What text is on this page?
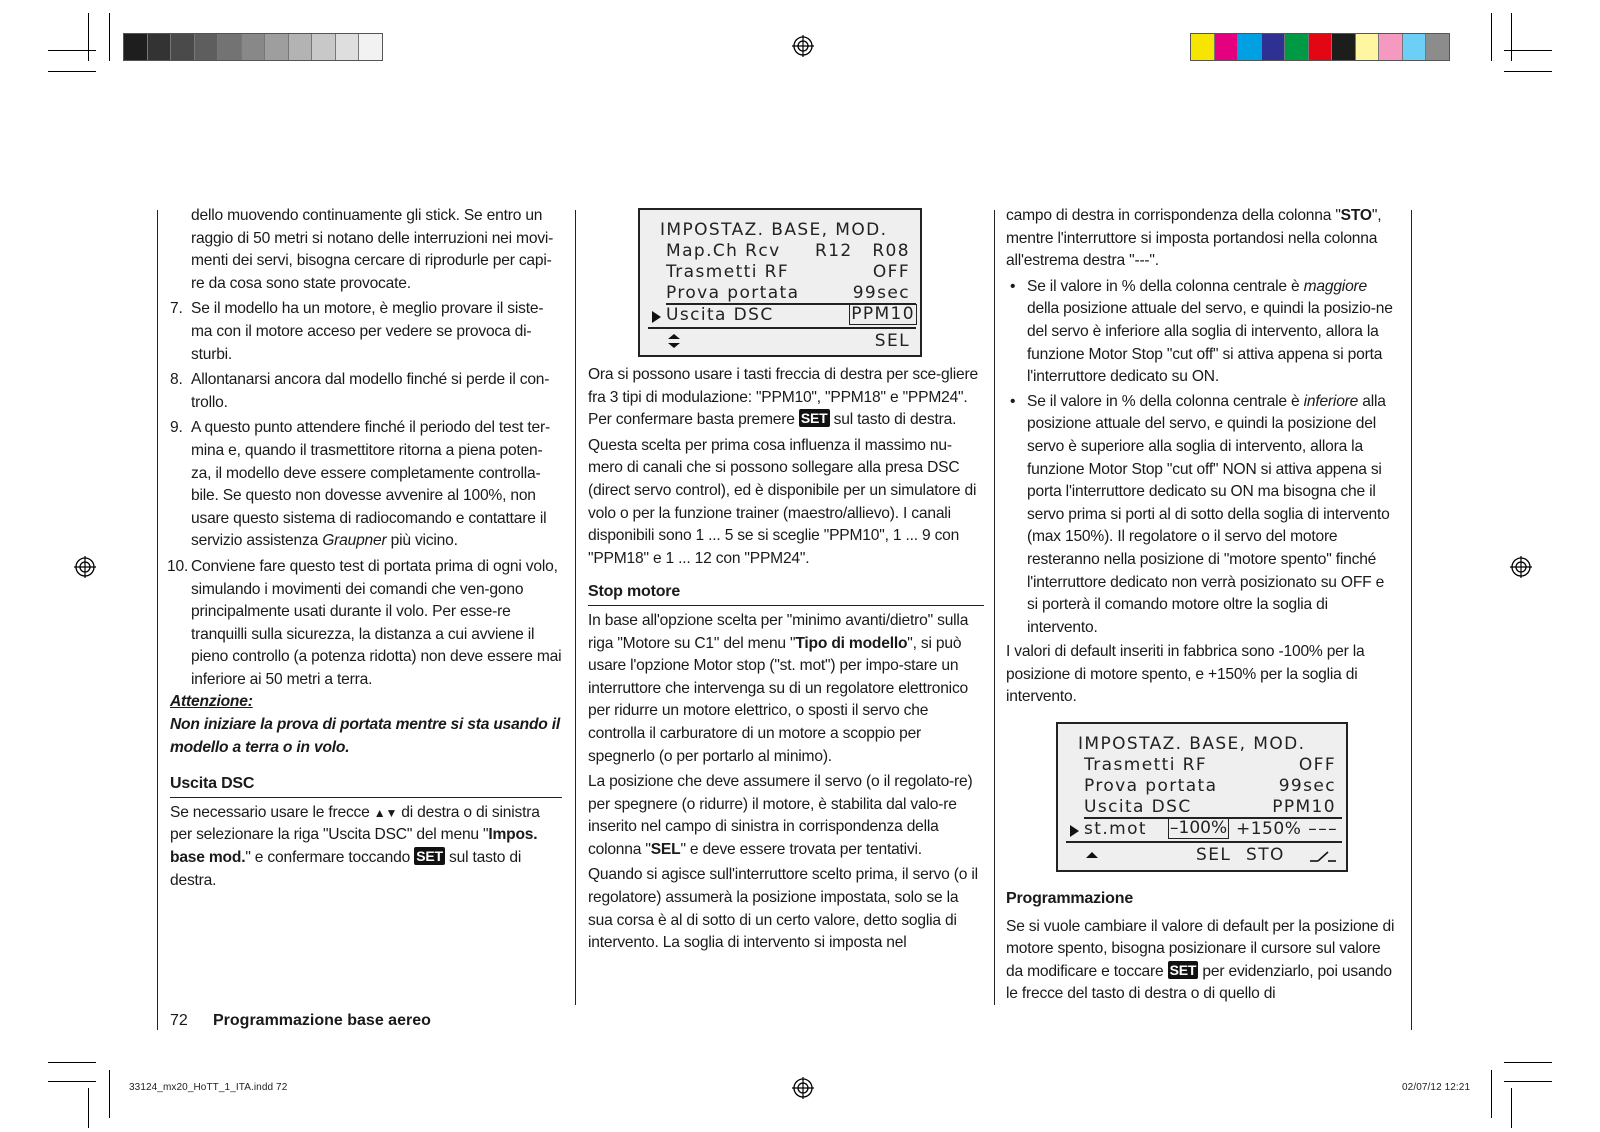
dello muovendo continuamente gli stick. Se entro un raggio di 50 metri si notano delle interruzioni nei movi-menti dei servi, bisogna cercare di riprodurle per capi-re da cosa sono state provocate.

7. Se il modello ha un motore, è meglio provare il siste-ma con il motore acceso per vedere se provoca di-sturbi.
8. Allontanarsi ancora dal modello finché si perde il con-trollo.
9. A questo punto attendere finché il periodo del test ter-mina e, quando il trasmettitore ritorna a piena poten-za, il modello deve essere completamente controlla-bile. Se questo non dovesse avvenire al 100%, non usare questo sistema di radiocomando e contattare il servizio assistenza Graupner più vicino.
10. Conviene fare questo test di portata prima di ogni volo, simulando i movimenti dei comandi che ven-gono principalmente usati durante il volo. Per esse-re tranquilli sulla sicurezza, la distanza a cui avviene il pieno controllo (a potenza ridotta) non deve essere mai inferiore ai 50 metri a terra.

Attenzione:

Non iniziare la prova di portata mentre si sta usando il modello a terra o in volo.

Uscita DSC

Se necessario usare le frecce ▲▼ di destra o di sinistra per selezionare la riga "Uscita DSC" del menu "Impos. base mod." e confermare toccando SET sul tasto di destra.

IMPOSTAZ. BASE, MOD.
Map.Ch Rcv R12 R08
Trasmetti RF	OFF
Prova portata	99sec
Uscita DSC	PPM10
SEL

Ora si possono usare i tasti freccia di destra per sce-gliere fra 3 tipi di modulazione: "PPM10", "PPM18" e "PPM24". Per confermare basta premere SET sul tasto di destra.

Questa scelta per prima cosa influenza il massimo nu-mero di canali che si possono sollegare alla presa DSC (direct servo control), ed è disponibile per un simulatore di volo o per la funzione trainer (maestro/allievo). I canali disponibili sono 1 ... 5 se si sceglie "PPM10", 1 ... 9 con "PPM18" e 1 ... 12 con "PPM24".

Stop motore

In base all'opzione scelta per "minimo avanti/dietro" sulla riga "Motore su C1" del menu "Tipo di modello", si può usare l'opzione Motor stop ("st. mot") per impo-stare un interruttore che intervenga su di un regolatore elettronico per ridurre un motore elettrico, o sposti il servo che controlla il carburatore di un motore a scoppio per spegnerlo (o per portarlo al minimo).

La posizione che deve assumere il servo (o il regolato-re) per spegnere (o ridurre) il motore, è stabilita dal valo-re inserito nel campo di sinistra in corrispondenza della colonna "SEL" e deve essere trovata per tentativi.

Quando si agisce sull'interruttore scelto prima, il servo (o il regolatore) assumerà la posizione impostata, solo se la sua corsa è al di sotto di un certo valore, detto soglia di intervento. La soglia di intervento si imposta nel

campo di destra in corrispondenza della colonna "STO", mentre l'interruttore si imposta portandosi nella colonna all'estrema destra "---".

• Se il valore in % della colonna centrale è maggiore della posizione attuale del servo, e quindi la posizio-ne del servo è inferiore alla soglia di intervento, allora la funzione Motor Stop "cut off" si attiva appena si porta l'interruttore dedicato su ON.
• Se il valore in % della colonna centrale è inferiore alla posizione attuale del servo, e quindi la posizione del servo è superiore alla soglia di intervento, allora la funzione Motor Stop "cut off" NON si attiva appena si porta l'interruttore dedicato su ON ma bisogna che il servo prima si porti al di sotto della soglia di intervento (max 150%). Il regolatore o il servo del motore resteranno nella posizione di "motore spento" finché l'interruttore dedicato non verrà posizionato su OFF e si porterà il comando motore oltre la soglia di intervento.

I valori di default inseriti in fabbrica sono -100% per la posizione di motore spento, e +150% per la soglia di intervento.

IMPOSTAZ. BASE, MOD.
Trasmetti RF	OFF
Prova portata	99sec
Uscita DSC	PPM10
st.mot –100% +150% –––
SEL STO
Programmazione

Se si vuole cambiare il valore di default per la posizione di motore spento, bisogna posizionare il cursore sul valore da modificare e toccare SET per evidenziarlo, poi usando le frecce del tasto di destra o di quello di

72 Programmazione base aereo
33124_mx20_HoTT_1_ITA.indd 72	02/07/12 12:21
